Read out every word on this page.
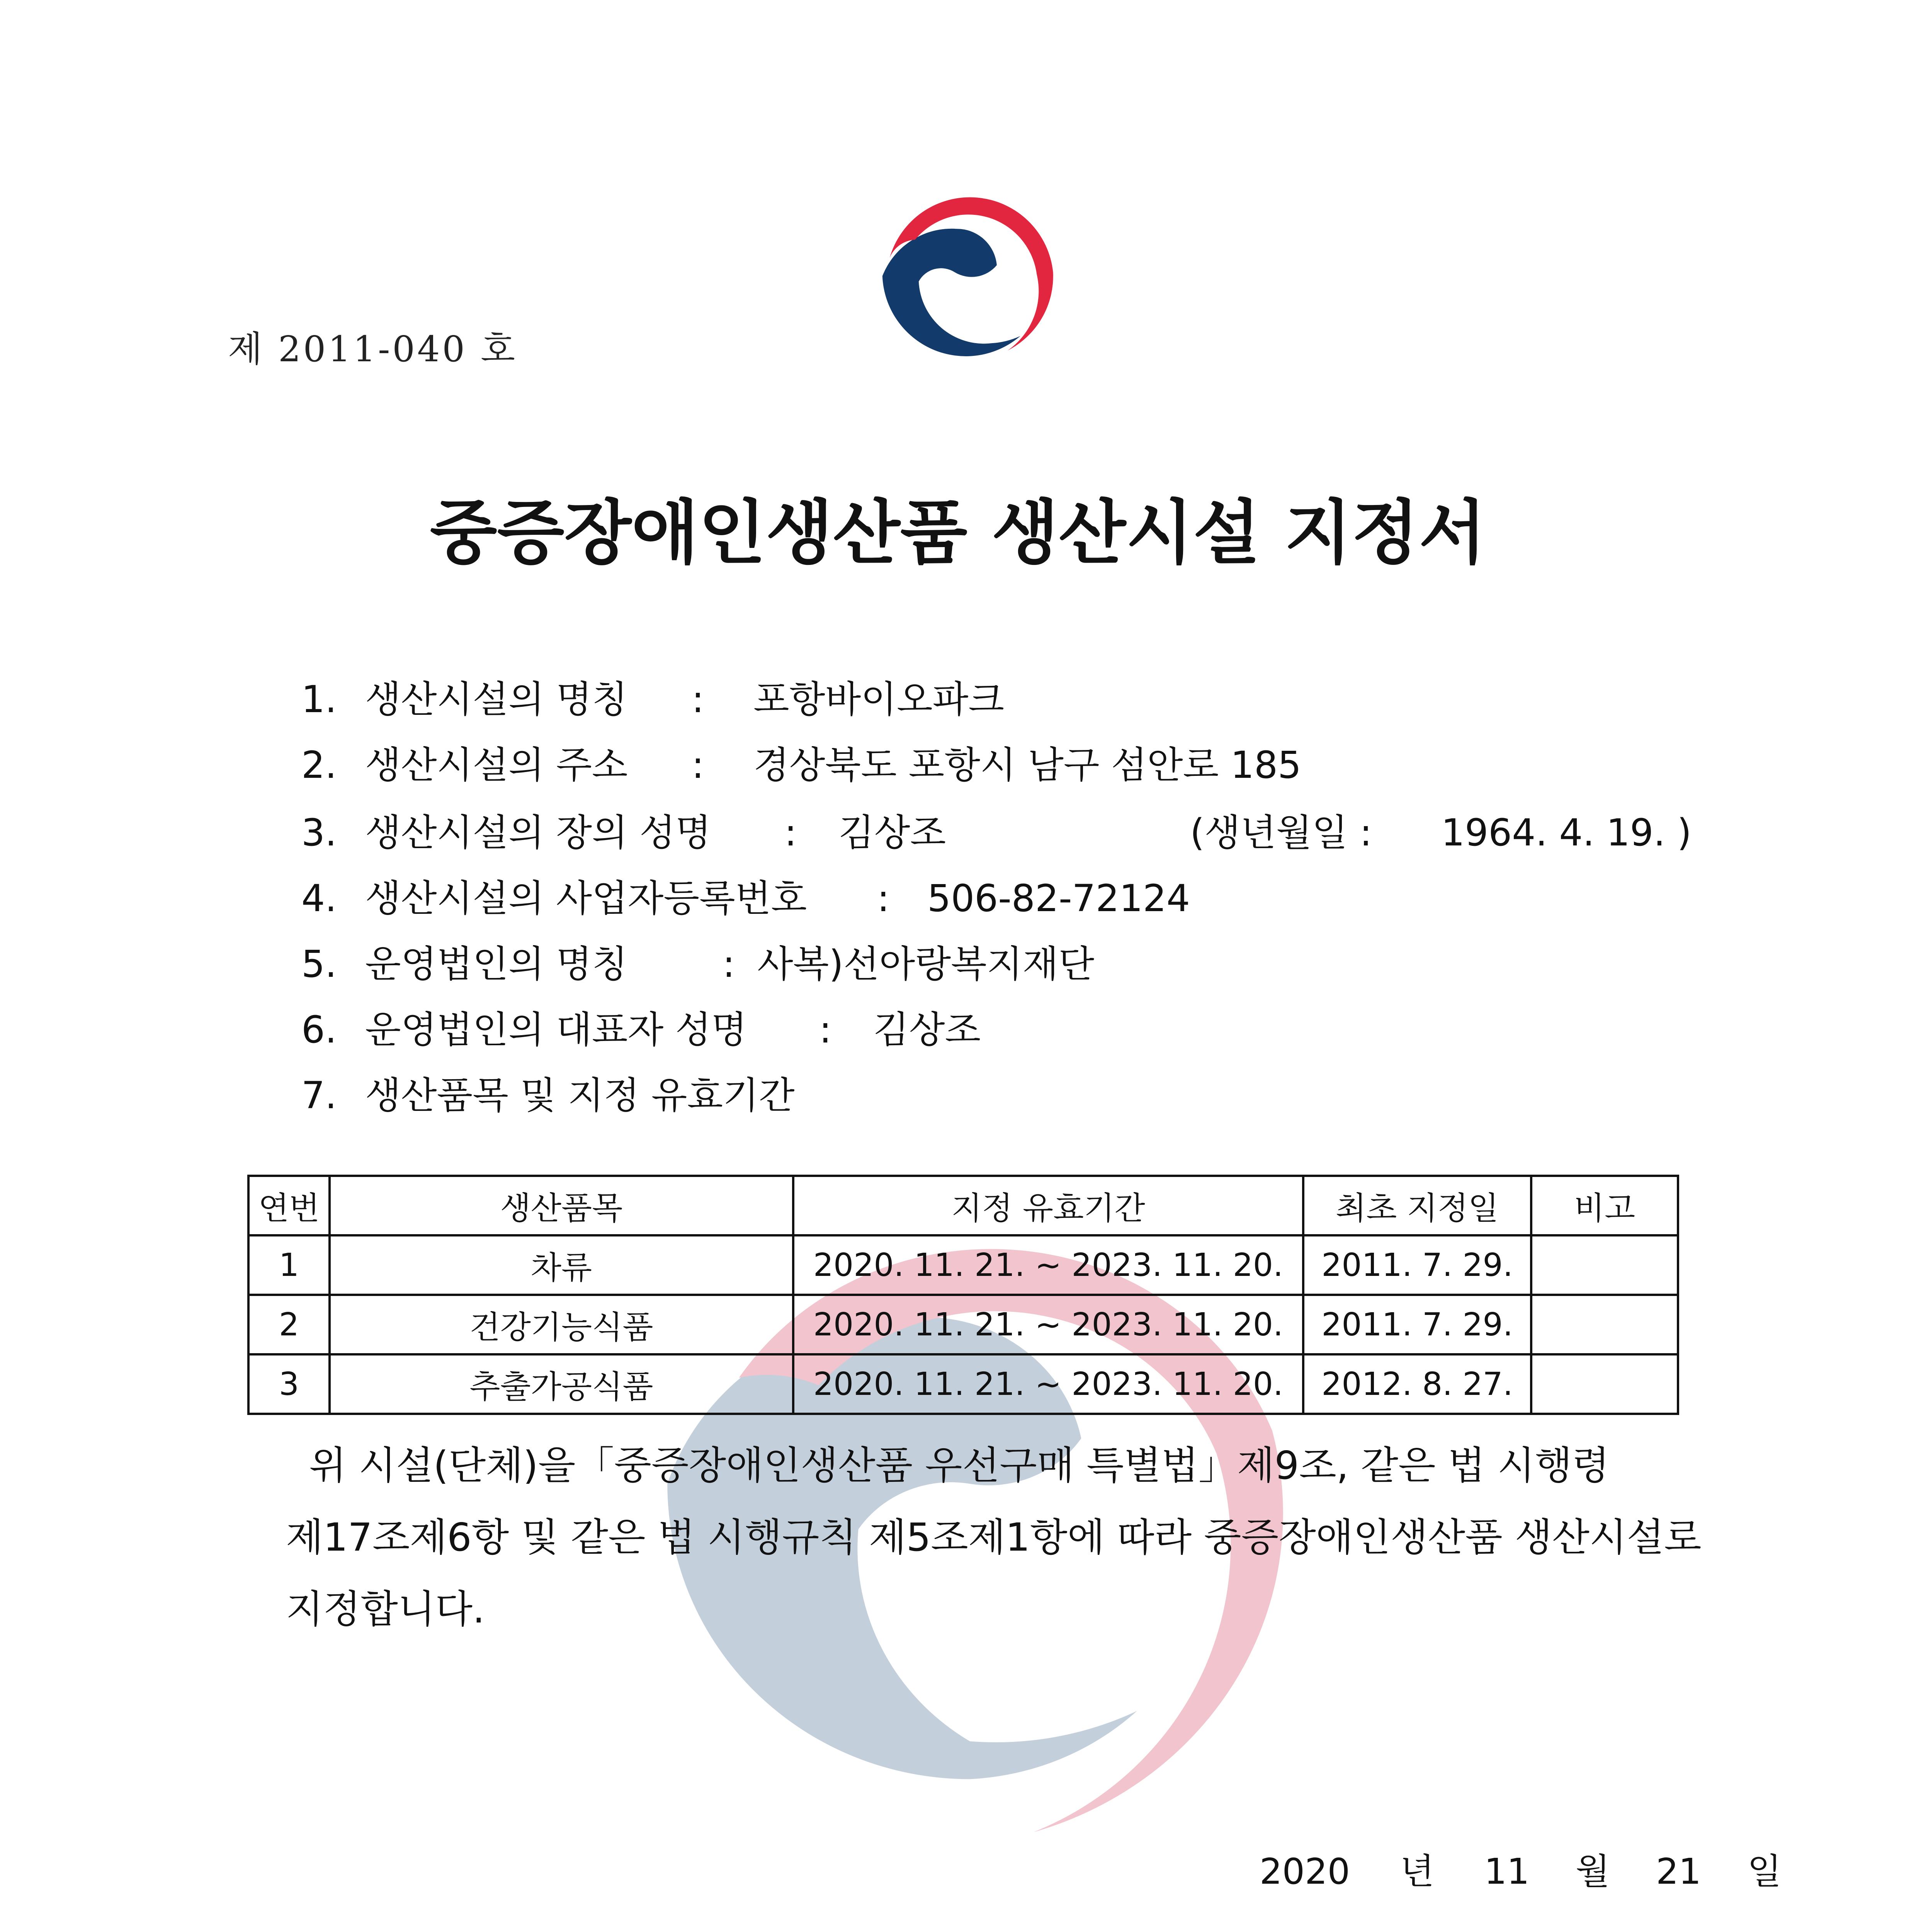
제 2011-040 호
중증장애인생산품 생산시설 지정서
1. 생산시설의 명칭 : 포항바이오파크
2. 생산시설의 주소 : 경상북도 포항시 남구 섬안로 185
3. 생산시설의 장의 성명 : 김상조	(생년월일 : 1964. 4. 19. )
4. 생산시설의 사업자등록번호 : 506-82-72124
5. 운영법인의 명칭	: 사복)선아랑복지재단
6. 운영법인의 대표자 성명 : 김상조
7. 생산품목 및 지정 유효기간
연번	생산품목	지정 유효기간	최초 지정일	비고
1	차류	2020. 11. 21. ~ 2023. 11. 20.	2011. 7. 29.	
2	건강기능식품	2020. 11. 21. ~ 2023. 11. 20.	2011. 7. 29.	
3	추출가공식품	2020. 11. 21. ~ 2023. 11. 20.	2012. 8. 27.	

위 시설(단체)을「중증장애인생산품 우선구매 특별법」제9조, 같은 법 시행령

제17조제6항 및 같은 법 시행규칙 제5조제1항에 따라 중증장애인생산품 생산시설로

지정합니다.

2020 년 11 월 21 일
